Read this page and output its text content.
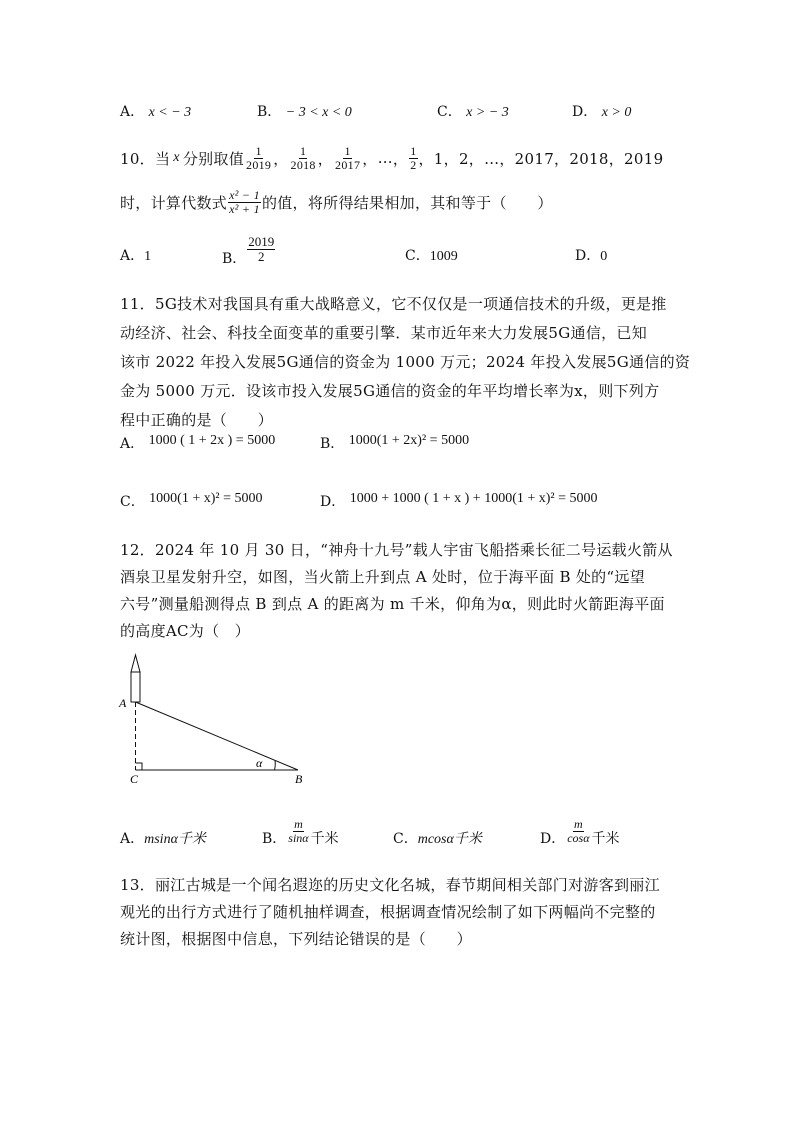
A． x < − 3	B． − 3 < x < 0	C． x > − 3	D． x > 0
10．当 x 分别取值 $\frac{1}{2019}$ ， $\frac{1}{2018}$ ， $\frac{1}{2017}$ ， … ， $\frac{1}{2}$ ，1，2，…，2017，2018，2019
时，计算代数式 $\frac{\text{x² − 1}}{\text{x² + 1}}$ 的值，将所得结果相加，其和等于（　　）
A．1	B． $\frac{2019}{2}$	C．1009	D．0
11．5G技术对我国具有重大战略意义，它不仅仅是一项通信技术的升级，更是推
动经济、社会、科技全面变革的重要引擎．某市近年来大力发展5G通信，已知
该市 2022 年投入发展5G通信的资金为 1000 万元；2024 年投入发展5G通信的资
金为 5000 万元．设该市投入发展5G通信的资金的年平均增长率为x，则下列方
程中正确的是（　　）
A． 1000 ( 1 + 2x ) = 5000	B． 1000(1 + 2x)² = 5000
C． 1000(1 + x)² = 5000	D． 1000 + 1000 ( 1 + x ) + 1000(1 + x)² = 5000
12．2024 年 10 月 30 日，“神舟十九号”载人宇宙飞船搭乘长征二号运载火箭从
酒泉卫星发射升空，如图，当火箭上升到点 A 处时，位于海平面 B 处的“远望
六号”测量船测得点 B 到点 A 的距离为 m 千米，仰角为α，则此时火箭距海平面
的高度AC为（　）
A
C	B
α
A．msinα千米	B． $\frac{m}{\sin\alpha}$ 千米	C．mcosα千米	D． $\frac{m}{\cos\alpha}$ 千米
13．丽江古城是一个闻名遐迩的历史文化名城，春节期间相关部门对游客到丽江
观光的出行方式进行了随机抽样调查，根据调查情况绘制了如下两幅尚不完整的
统计图，根据图中信息，下列结论错误的是（　　）
